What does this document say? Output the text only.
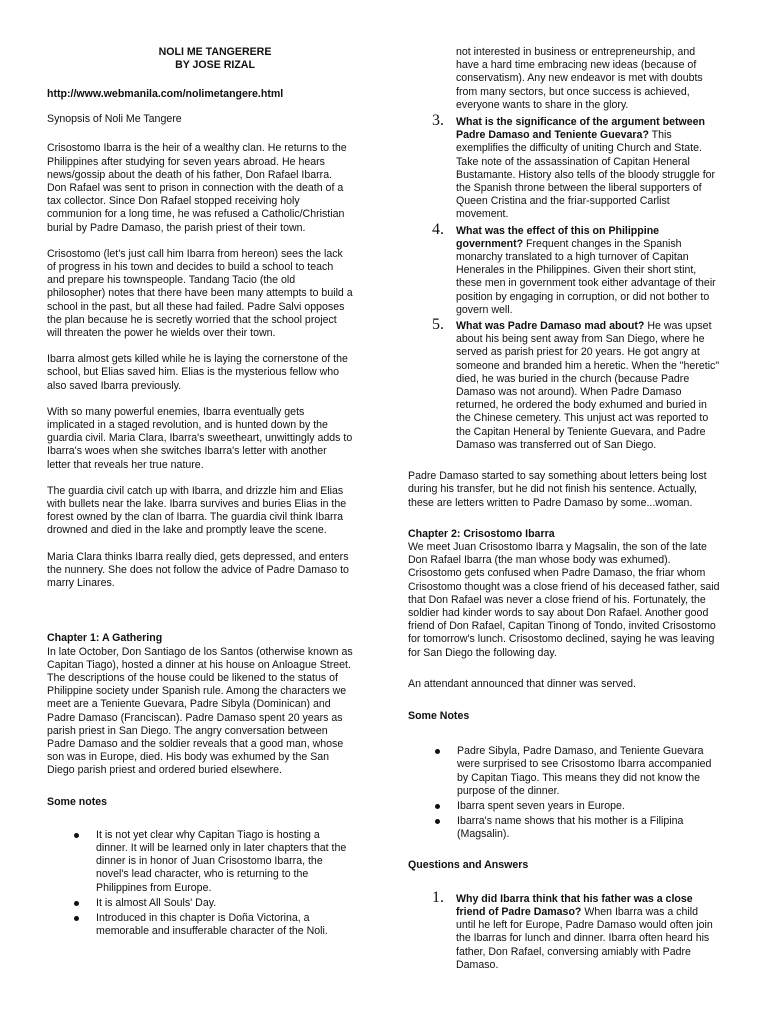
NOLI ME TANGERERE

BY JOSE RIZAL

http://www.webmanila.com/nolimetangere.html

Synopsis of Noli Me Tangere

Crisostomo Ibarra is the heir of a wealthy clan. He returns to the Philippines after studying for seven years abroad. He hears news/gossip about the death of his father, Don Rafael Ibarra. Don Rafael was sent to prison in connection with the death of a tax collector. Since Don Rafael stopped receiving holy communion for a long time, he was refused a Catholic/Christian burial by Padre Damaso, the parish priest of their town.

Crisostomo (let's just call him Ibarra from hereon) sees the lack of progress in his town and decides to build a school to teach and prepare his townspeople. Tandang Tacio (the old philosopher) notes that there have been many attempts to build a school in the past, but all these had failed. Padre Salvi opposes the plan because he is secretly worried that the school project will threaten the power he wields over their town.

Ibarra almost gets killed while he is laying the cornerstone of the school, but Elias saved him. Elias is the mysterious fellow who also saved Ibarra previously.

With so many powerful enemies, Ibarra eventually gets implicated in a staged revolution, and is hunted down by the guardia civil. Maria Clara, Ibarra's sweetheart, unwittingly adds to Ibarra's woes when she switches Ibarra's letter with another letter that reveals her true nature.

The guardia civil catch up with Ibarra, and drizzle him and Elias with bullets near the lake. Ibarra survives and buries Elias in the forest owned by the clan of Ibarra. The guardia civil think Ibarra drowned and died in the lake and promptly leave the scene.

Maria Clara thinks Ibarra really died, gets depressed, and enters the nunnery. She does not follow the advice of Padre Damaso to marry Linares.

Chapter 1: A Gathering

In late October, Don Santiago de los Santos (otherwise known as Capitan Tiago), hosted a dinner at his house on Anloague Street. The descriptions of the house could be likened to the status of Philippine society under Spanish rule. Among the characters we meet are a Teniente Guevara, Padre Sibyla (Dominican) and Padre Damaso (Franciscan). Padre Damaso spent 20 years as parish priest in San Diego. The angry conversation between Padre Damaso and the soldier reveals that a good man, whose son was in Europe, died. His body was exhumed by the San Diego parish priest and ordered buried elsewhere.

Some notes

It is not yet clear why Capitan Tiago is hosting a dinner. It will be learned only in later chapters that the dinner is in honor of Juan Crisostomo Ibarra, the novel's lead character, who is returning to the Philippines from Europe.
It is almost All Souls' Day.
Introduced in this chapter is Doña Victorina, a memorable and insufferable character of the Noli.

not interested in business or entrepreneurship, and have a hard time embracing new ideas (because of conservatism). Any new endeavor is met with doubts from many sectors, but once success is achieved, everyone wants to share in the glory.

3. What is the significance of the argument between Padre Damaso and Teniente Guevara? This exemplifies the difficulty of uniting Church and State. Take note of the assassination of Capitan Heneral Bustamante. History also tells of the bloody struggle for the Spanish throne between the liberal supporters of Queen Cristina and the friar-supported Carlist movement.
4. What was the effect of this on Philippine government? Frequent changes in the Spanish monarchy translated to a high turnover of Capitan Henerales in the Philippines. Given their short stint, these men in government took either advantage of their position by engaging in corruption, or did not bother to govern well.
5. What was Padre Damaso mad about? He was upset about his being sent away from San Diego, where he served as parish priest for 20 years. He got angry at someone and branded him a heretic. When the "heretic" died, he was buried in the church (because Padre Damaso was not around). When Padre Damaso returned, he ordered the body exhumed and buried in the Chinese cemetery. This unjust act was reported to the Capitan Heneral by Teniente Guevara, and Padre Damaso was transferred out of San Diego.

Padre Damaso started to say something about letters being lost during his transfer, but he did not finish his sentence. Actually, these are letters written to Padre Damaso by some...woman.

Chapter 2: Crisostomo Ibarra

We meet Juan Crisostomo Ibarra y Magsalin, the son of the late Don Rafael Ibarra (the man whose body was exhumed). Crisostomo gets confused when Padre Damaso, the friar whom Crisostomo thought was a close friend of his deceased father, said that Don Rafael was never a close friend of his. Fortunately, the soldier had kinder words to say about Don Rafael. Another good friend of Don Rafael, Capitan Tinong of Tondo, invited Crisostomo for tomorrow's lunch. Crisostomo declined, saying he was leaving for San Diego the following day.

An attendant announced that dinner was served.

Some Notes

Padre Sibyla, Padre Damaso, and Teniente Guevara were surprised to see Crisostomo Ibarra accompanied by Capitan Tiago. This means they did not know the purpose of the dinner.
Ibarra spent seven years in Europe.
Ibarra's name shows that his mother is a Filipina (Magsalin).

Questions and Answers

1. Why did Ibarra think that his father was a close friend of Padre Damaso? When Ibarra was a child until he left for Europe, Padre Damaso would often join the Ibarras for lunch and dinner. Ibarra often heard his father, Don Rafael, conversing amiably with Padre Damaso.
